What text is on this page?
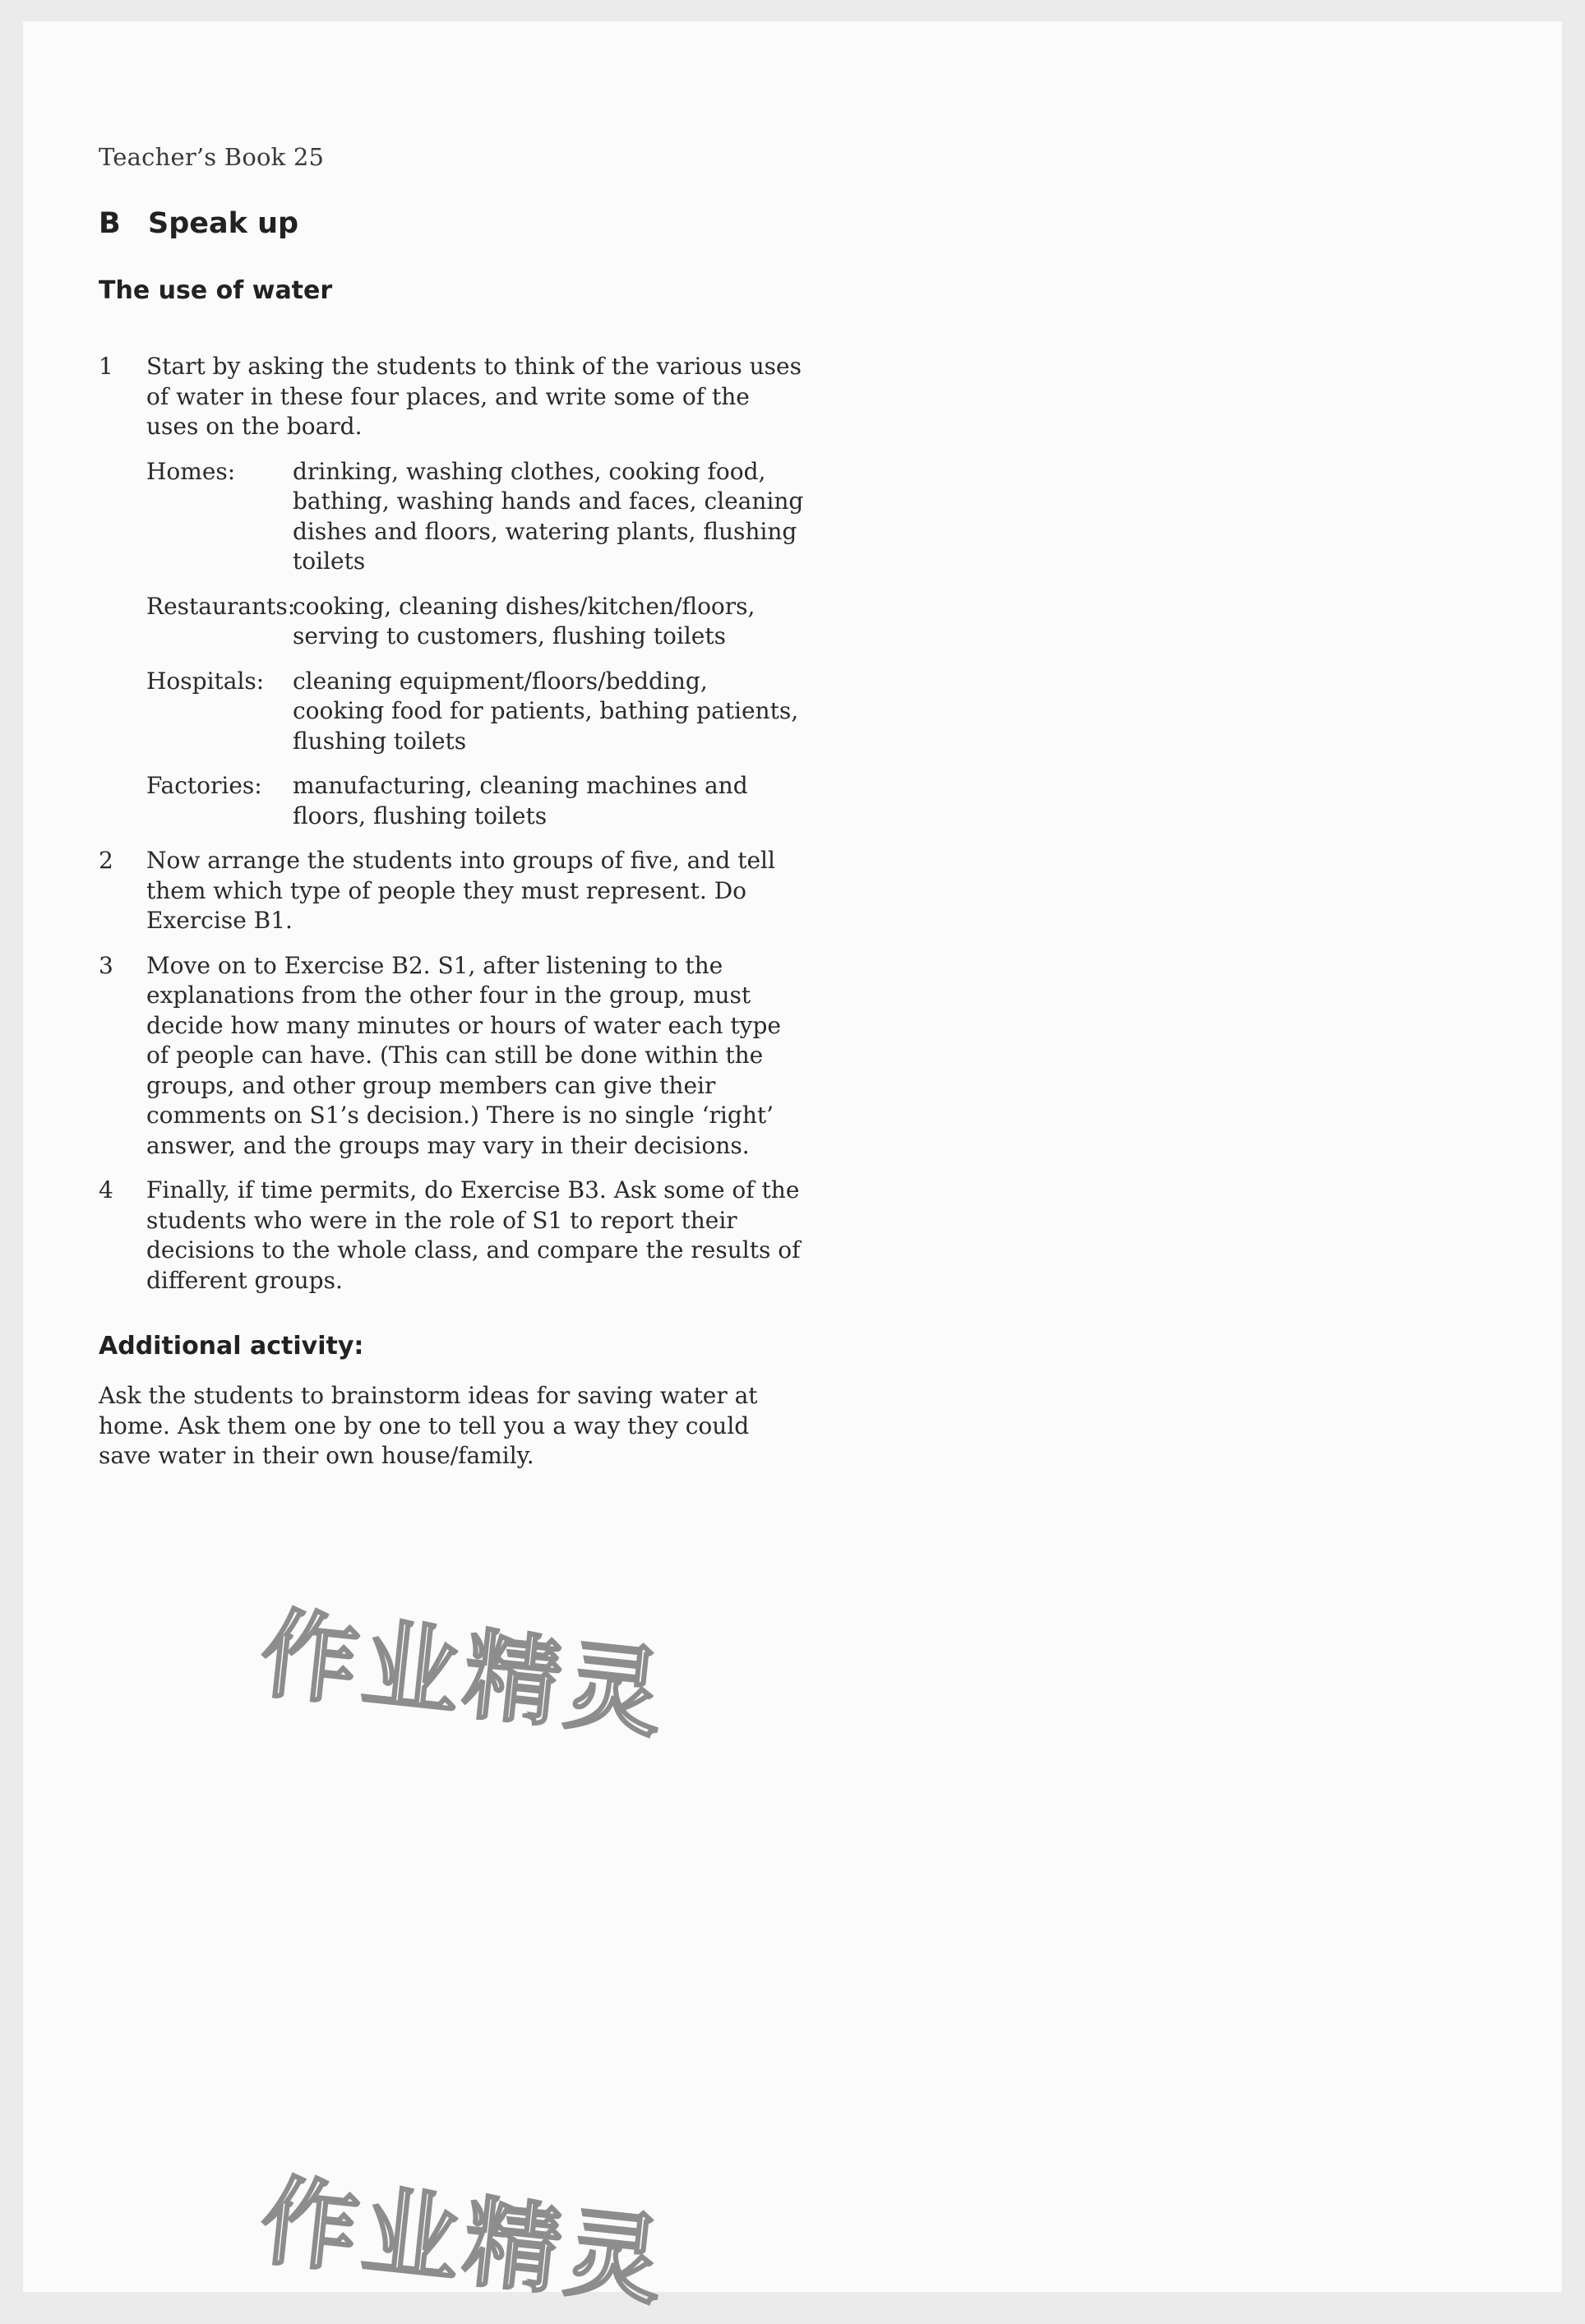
Teacher’s Book 25
B Speak up
The use of water
1	Start by asking the students to think of the various uses of water in these four places, and write some of the uses on the board.
Homes: drinking, washing clothes, cooking food, bathing, washing hands and faces, cleaning dishes and floors, watering plants, flushing toilets
Restaurants:
cooking, cleaning dishes/kitchen/floors, serving to customers, flushing toilets
Hospitals: cleaning equipment/floors/bedding, cooking food for patients, bathing patients, flushing toilets
Factories: manufacturing, cleaning machines and floors, flushing toilets
2	Now arrange the students into groups of five, and tell them which type of people they must represent. Do Exercise B1.
3	Move on to Exercise B2. S1, after listening to the explanations from the other four in the group, must decide how many minutes or hours of water each type of people can have. (This can still be done within the groups, and other group members can give their comments on S1’s decision.) There is no single ‘right’ answer, and the groups may vary in their decisions.
4	Finally, if time permits, do Exercise B3. Ask some of the students who were in the role of S1 to report their decisions to the whole class, and compare the results of different groups.
Additional activity:
Ask the students to brainstorm ideas for saving water at home. Ask them one by one to tell you a way they could save water in their own house/family.
作业精灵
作业精灵
